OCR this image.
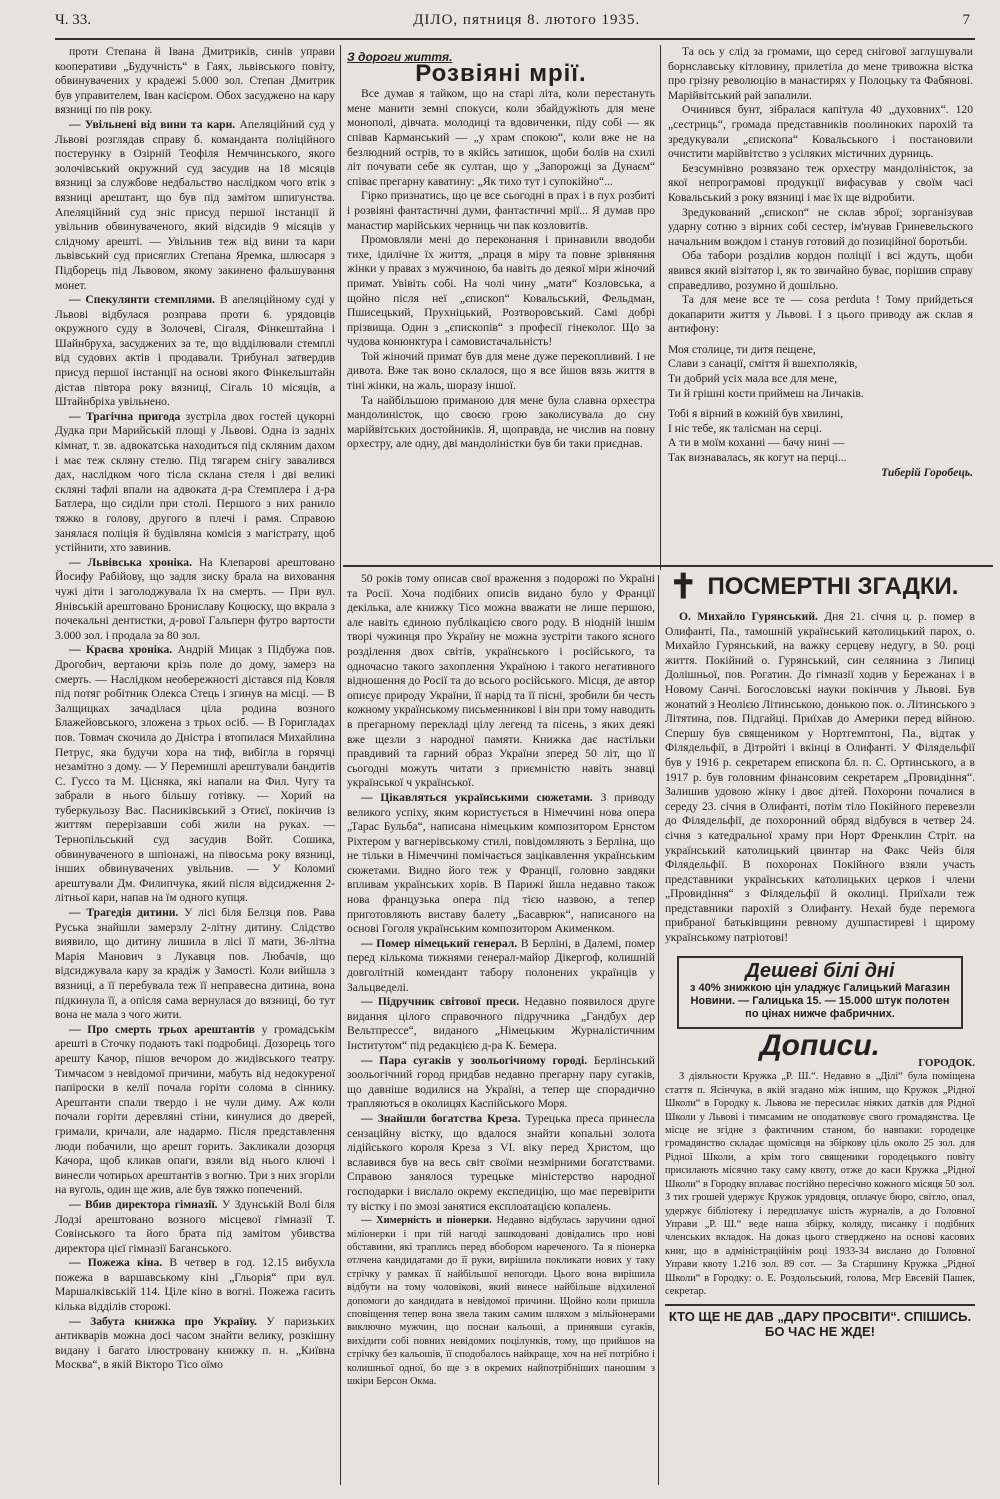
Ч. 33.	ДІЛО, пятниця 8. лютого 1935.	7

проти Степана й Івана Дмитриків, синів управи кооперативи „Будучність“ в Гаях, львівського повіту, обвинувачених у крадежі 5.000 зол. Степан Дмитрик був управителем, Іван касієром. Обох засуджено на кару вязниці по пів року.

— Увільнені від вини та кари. Апеляційний суд у Львові розглядав справу б. команданта поліційного постерунку в Озірній Теофіля Немчинського, якого золочівський окружний суд засудив на 18 місяців вязниці за службове недбальство наслідком чого втік з вязниці арештант, що був під замітом шпигунства. Апеляційний суд зніс присуд першої інстанції й увільнив обвинуваченого, який відсидів 9 місяців у слідчому арешті. — Увільнив теж від вини та кари львівський суд присяглих Степана Яремка, шлюсаря з Підборець під Львовом, якому закинено фальшування монет.

— Спекулянти стемплями. В апеляційному суді у Львові відбулася розправа проти 6. урядовців окружного суду в Золочеві, Сігаля, Фінкештайна і Шайнбруха, засуджених за те, що відділювали стемплі від судових актів і продавали. Трибунал затвердив присуд першої інстанції на основі якого Фінкельштайн дістав півтора року вязниці, Сігаль 10 місяців, а Штайнбрiха увільнено.

— Трагічна пригода зустріла двох гостей цукорні Дудка при Марийській площі у Львові. Одна із задніх кімнат, т. зв. адвокатська находиться під скляним дахом і має теж скляну стелю. Під тягарем снігу завалився дах, наслідком чого тісла склана стеля і дві великі скляні тафлі впали на адвоката д-ра Стемплера і д-ра Батлера, що сиділи при столі. Першого з них ранило тяжко в голову, другого в плечі і рамя. Справою занялася поліція й будівляна комісія з магістрату, щоб устійнити, хто завинив.

— Львівська хроніка. На Клепарові арештовано Йосифу Рабійову, що задля зиску брала на виховання чужі діти і заголоджувала їх на смерть. — При вул. Янівській арештовано Брониславу Коцюску, що вкрала з почекальні дентистки, д-рової Гальперн футро вартости 3.000 зол. і продала за 80 зол.

— Краєва хроніка. Андрій Мицак з Підбужа пов. Дрогобич, вертаючи крізь поле до дому, замерз на смерть. — Наслідком необережності дістався під Ковля під потяг робітник Олекса Стець і згинув на місці. — В Залщицках зачаділася ціла родина возного Блажейовського, зложена з трьох осіб. — В Горигладах пов. Товмач скочила до Дністра і втопилася Михайлина Петрус, яка будучи хора на тиф, вибігла в горячці незамітно з дому. — У Перемишлі арештували бандитів С. Гуссо та М. Цісняка, які напали на Фил. Чугу та забрали в нього більшу готівку. — Хорий на туберкульозу Вас. Пасниківський з Отиєї, покінчив із життям перерізавши собі жили на руках. — Тернопільський суд засудив Войт. Сошика, обвинуваченого в шпіонажі, на півосьма року вязниці, інших обвинувачених увільнив. — У Коломиї арештували Дм. Филипчука, який після відсидження 2-літньої кари, напав на їм одного купця.

— Трагедія дитини. У лісі біля Белзця пов. Рава Руська знайшли замерзлу 2-літну дитину. Слідство виявило, що дитину лишила в лісі її мати, 36-літна Марія Манович з Лукавця пов. Любачів, що відсиджувала кару за крадіж у Замості. Коли вийшла з вязниці, а її перебувала теж її непрaвесна дитина, вона підкинула її, а опісля сама вернулася до вязниці, бо тут вона не мала з чого жити.

— Про смерть трьох арештантів у громадськім арешті в Сточку подають такі подробиці. Дозорець того арешту Качор, пішов вечором до жидівського театру. Тимчасом з невідомої причини, мабуть від недокуреної папіроски в келії почала горіти солома в сіннику. Арештанти спали твердо і не чули диму. Аж коли почали горіти деревляні стіни, кинулися до дверей, гримали, кричали, але надармо. Після представлення люди побачили, що арешт горить. Закликали дозорця Качора, щоб кликав опаги, взяли від нього ключі і винесли чотирьох арештантів з вогню. Три з них згоріли на вуголь, один ще жив, але був тяжко попечений.

— Вбив директора гімназії. У Здунській Волі біля Лодзі арештовано возного місцевої гімназії Т. Совінського та його брата під замітом убивства директора цієї гімназії Баганського.

— Пожежа кіна. В четвер в год. 12.15 вибухла пожежа в варшавському кіні „Гльорія“ при вул. Маршалківській 114. Ціле кіно в вогні. Пожежа гасить кілька відділів сторожі.

— Забута книжка про Україну. У паризьких антикварів можна досі часом знайти велику, розкішну видану і багато ілюстровану книжку п. н. „Київна Москва“, в якій Вікторо Тісо оїмо

З дороги життя.

Розвіяні мрії.

Все думав я тайком, що на старі літа, коли перестануть мене манити земні спокуси, коли збайдужіють для мене монополі, дівчата. молодиці та вдовиченки, піду собі — як співав Карманський — „у храм спокою“, коли вже не на безлюдний острів, то в якійсь затишок, щоби болів на схилі літ почувати себе як султан, що у „Запорожці за Дунаєм“ співає прегарну каватину: „Як тихо тут і супокійно“...

Гірко признатись, що це все сьогодні в прах і в пух розбиті і розвіяні фантастичні думи, фантастичні мрії... Я думав про манастир марійських черниць чи пак козловитів.

Промовляли мені до переконання і принавили вводоби тихе, ідилічне їх життя, „праця в міру та повне зрівняння жінки у правах з мужчиною, ба навіть до деякої міри жіночий примат. Увівіть собі. На чолі чину „мати“ Козловська, а щойно після неї „єпископ“ Ковальський, Фельдман, Пшисецький, Пруxніцький, Розтворовський. Самі добрі прізвища. Один з „єпископів“ з професії гінеколог. Що за чудова конюнктура і самовистачальність!

Той жіночий примат був для мене дуже перекопливий. І не дивота. Вже так воно склалося, що я все йшов вязь життя в тіні жінки, на жаль, шоразу іншої.

Та найбільшою приманою для мене була славна орхестра мандолиністок, що своєю грою заколисувала до сну марійвітських достойників. Я, щоправда, не числив на повну орхестру, але одну, дві мандолiністки був би таки приєднав.

Та ось у слід за громами, що серед снігової заглушували борнславську кітловину, прилетіла до мене тривожна вістка про грізну революцію в манастирях у Полоцьку та Фабянові. Марійвітський рай запалили.

Очинився бунт, зібралася капітула 40 „духовних“. 120 „сестриць“, громада представників поолиноких парохій та зредукували „єпископа“ Ковальського і постановили очистити марійвітство з усіляких містичних дурниць.

Безсумнівно розвязано теж орхестру мандолiністок, за якої непрогрaмові продукції вифасував у своїм часі Ковальський з року вязниці і має їх ще відробити.

Зредукований „єпископ“ не склав зброї; зорганізував ударну сотню з вірних собі сестер, ім'нував Гриневельского начальним вождом і станув готовий до позиційної боротьби.

Оба табори розділив кордон поліції і всі ждуть, щоби явився який візітатор і, як то звичайно буває, порішив справу справедливо, розумно й дошільно.

Та для мене все те — cosa perduta ! Тому прийдеться докапарити життя у Львові. І з цього приводу аж склав я антифону:

Моя столице, ти дитя пещене,

Слави з санації, сміття й вшехполяків,

Ти добрий усіх мала все для мене,

Ти й грішні кости приймеш на Личаків.

Тобі я вірний в кожній був хвилині,

І ніс тебе, як талісман на серці.

А ти в моїм коханні — бачу нині —

Так визнавалась, як когут на перці...

Тиберій Горобець.

50 років тому описав свої враження з подорожі по Україні та Росії. Хоча подібних описів видано було у Франції декілька, але книжку Тісо можна вважати не лише першою, але навіть єдиною публікацією свого роду. В ніодній іншім творі чужинця про Україну не можна зустріти такого ясного розділення двох світів, українського і російського, та одночасно такого захоплення Україною і такого негативного відношення до Росії та до всього російського. Місця, де автор описує природу України, її нарід та її пісні, зробили би честь кожному українському письменникові і він при тому наводить в прегарному перекладі цілу легенд та пісень, з яких деякі вже щезли з народної памяти. Книжка дає настільки правдивий та гарний образ України зперед 50 літ, що її сьогодні можуть читати з приємністю навіть знавці української ч української.

— Цікавляться українськими сюжетами. З приводу великого успіху, яким користується в Німеччині нова опера „Тарас Бульба“, написана німецьким композитором Ернстом Ріхтером у вагнерівському стилі, повідомляють з Берліна, що не тільки в Німеччині помічається зацікавлення українським сюжетами. Видно його теж у Франції, головно завдяки впливам українських хорів. В Парижі йшла недавно також нова французька опера під тією назвою, а тепер приготовляють виставу балету „Басаврюк“, написаного на основі Гоголя українським композитором Акименком.

— Помер німецький генерал. В Берліні, в Далемі, помер перед кількома тижнями генерал-майор Дікергоф, колишній довголітній комендант табору полонених українців у Зальцведелі.

— Підручник світової преси. Недавно появилося друге видання цілого справочного підручника „Гандбух дер Вельтпрессе“, виданого „Німецьким Журналістичним Інститутом“ під редакцією д-ра К. Бемера.

— Пара сугаків у зоольогічному городі. Берлінський зоольогічний город придбав недавно прегарну пару сугаків, що давніше водилися на Україні, а тепер ще спорадично трапляються в околицях Каспійського Моря.

— Знайшли богатства Креза. Турецька преса принесла сензаційну вістку, що вдалося знайти копальні золота лідійського короля Креза з VI. віку перед Христом, що вславився був на весь світ своїми незмірними богатствами. Справою занялося турецьке міністерство народної господарки і вислало окрему експедицію, що має перевірити ту вістку і по змозі занятися експлоатацією копалень.

— Химерність и піонерки. Недавно відбулась заручини одної міліонерки і при тій нагоді зашкодовані довідались про нові обставини, які траплись перед вбобором нареченого. Та я піонерка отлчена кандидатами до її руки, вирішила покликати нових у таку стрічку у рамках її найбільшої непогоди. Цього вона вирішила відбути на тому чоловікові, який винесе найбільше відхиленої допомоги до кандидата в невідомої причини. Щойно коли пришла сповіщення тепер вона звела таким самим шляхом з мільйонерами виключно мужчин, що поснаи кальошi, а принявши сугаків, вихідити собі повних невідомих поцілунків, тому, що прийшов на стрічку без кальошів, її сподобалось найкраще, хоч на неї потрібно і колишньої одної, бо ще з в окремих найпотрібніших паношим з шкіри Берсон Окма.

✝ ПОСМЕРТНІ ЗГАДКИ.

О. Михайло Гурянський. Дня 21. січня ц. р. помер в Олифанті, Па., тамошній український католицький парох, о. Михайло Гурянський, на важку серцеву недугу, в 50. році життя. Покійний о. Гурянський, син селянина з Липиці Долішньої, пов. Рогатин. До гімназії ходив у Бережанах і в Новому Санчі. Богословські науки покінчив у Львові. Був жонатий з Неолією Літинською, донькою пок. о. Літинського з Літятина, пов. Підгайці. Приїхав до Америки перед війною. Спершу був священиком у Нортгемптоні, Па., відтак у Філядельфії, в Дітройті і вкінці в Олифанті. У Філядельфії був у 1916 р. секретарем епископа бл. п. С. Ортинського, а в 1917 р. був головним фінансовим секретарем „Провидіння“. Залишив удовою жінку і двоє дітей. Похорони почалися в середу 23. січня в Олифанті, потім тіло Покійного перевезли до Філядельфії, де похоронний обряд відбувся в четвер 24. січня з катедральної храму при Норт Френклин Стріт. на український католицький цвинтар на Факс Чейз біля Філядельфії. В похоронах Покійного взяли участь представники українських католицьких церков і члени „Провидіння“ з Філядельфії й околиці. Приїхали теж представники парохій з Олифанту. Нехай буде перемога прибраної батьківщини ревному душпастиреві і щирому українському патріотові!

Дешеві білі дні
з 40% знижкою цін уладжує Галицький Магазин Новини. — Галицька 15. — 15.000 штук полотен по цінах нижче фабричних.
Дописи.

ГОРОДОК.

З діяльности Кружка „Р. Ш.“. Недавно в „Ділі“ була поміщена стаття п. Ясінчука, в якій згадано між іншим, що Кружок „Рідної Школи“ в Городку к. Львова не пересилає ніяких датків для Рідної Школи у Львові і тимсамим не оподатковує свого громадянства. Це місце не згідне з фактичним станом, бо навпаки: городецке громадянство складає щомісяця на збіркову ціль около 25 зол. для Рідної Школи, а крім того священики городецького повіту присилають місячно таку саму квоту, отже до каси Кружка „Рідної Школи“ в Городку вплаває постійно пересічно кожного місяця 50 зол. З тих грошей удержує Кружок урядовця, оплачує бюро, світло, опал, удержує бібліотеку і передплачує шість журналів, а до Головної Управи „Р. Ш.“ веде наша збірку, коляду, писанку і подібних членських вкладок. На доказ цього стверджено на основі касових книг, що в адміністраційнім році 1933-34 вислано до Головної Управи квоту 1.216 зол. 89 сот. — За Старшину Кружка „Рідної Школи“ в Городку: о. Е. Роздольський, голова, Мгр Евсевій Пашек, секретар.

КТО ЩЕ НЕ ДАВ „ДАРУ ПРОСВІТИ“. СПІШИСЬ. БО ЧАС НЕ ЖДЕ!
